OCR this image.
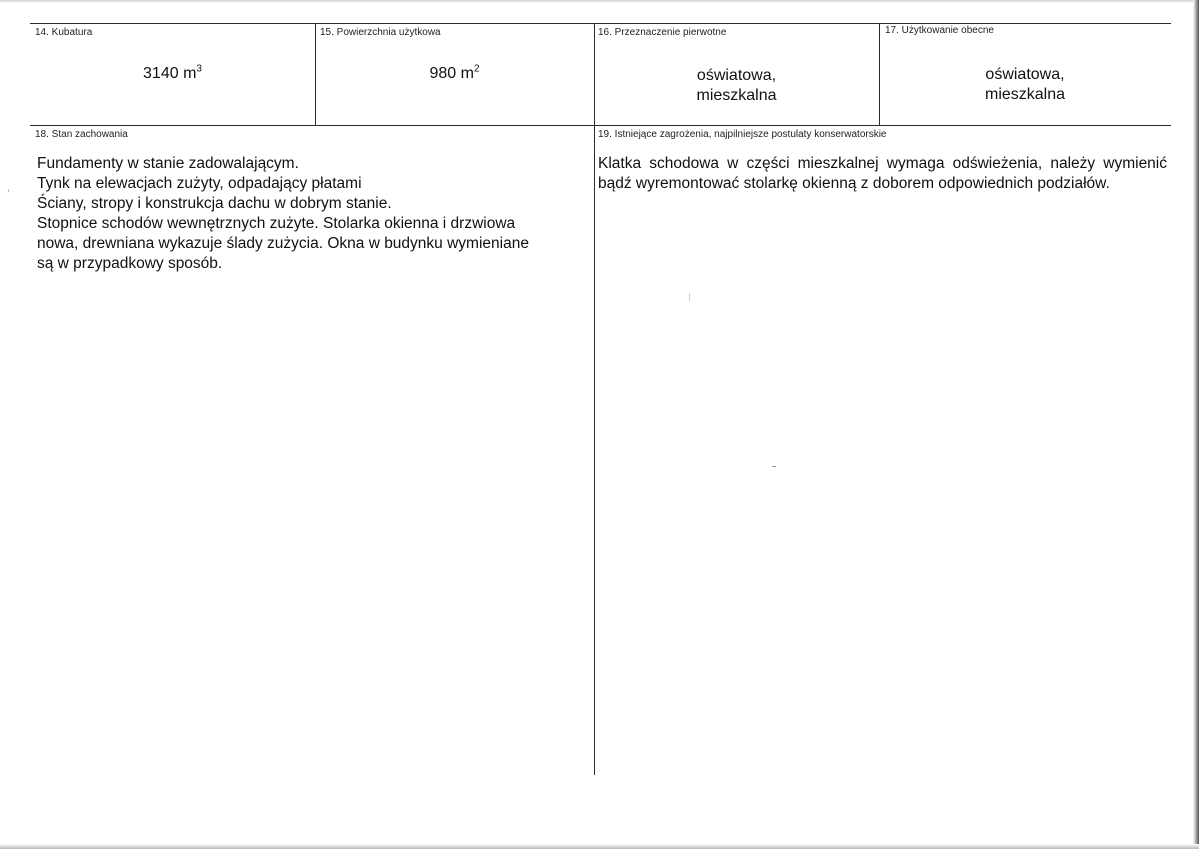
14. Kubatura
3140 $m^3$
15. Powierzchnia użytkowa
980 $m^2$
16. Przeznaczenie pierwotne
oświatowa,
mieszkalna
17. Użytkowanie obecne
oświatowa,
mieszkalna
18. Stan zachowania
Fundamenty w stanie zadowalającym.
Tynk na elewacjach zużyty, odpadający płatami
Ściany, stropy i konstrukcja dachu w dobrym stanie.
Stopnice schodów wewnętrznych zużyte. Stolarka okienna i drzwiowa
nowa, drewniana wykazuje ślady zużycia. Okna w budynku wymieniane
są w przypadkowy sposób.
19. Istniejące zagrożenia, najpilniejsze postulaty konserwatorskie
Klatka schodowa w części mieszkalnej wymaga odświeżenia, należy wymienić bądź wyremontować stolarkę okienną z doborem odpowiednich podziałów.
